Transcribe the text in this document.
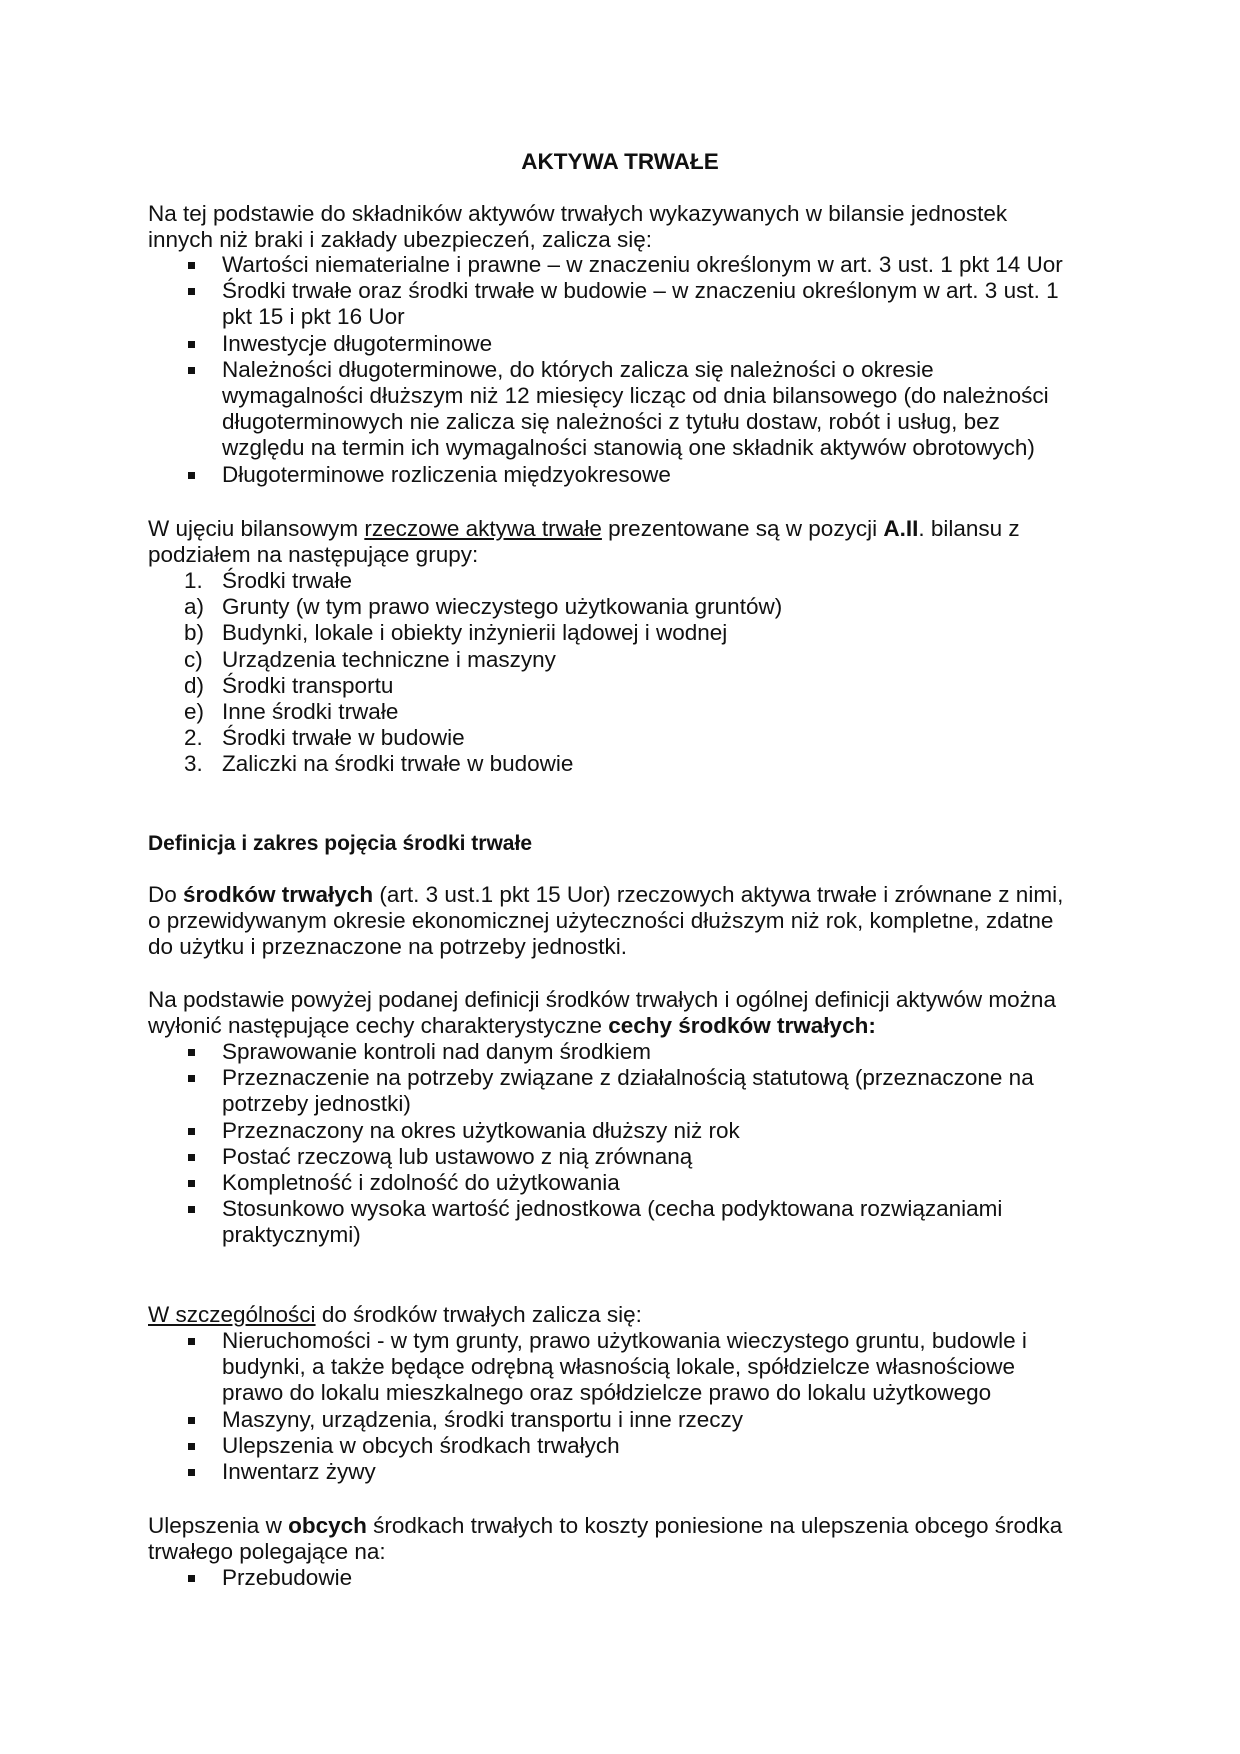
AKTYWA TRWAŁE

Na tej podstawie do składników aktywów trwałych wykazywanych w bilansie jednostek

innych niż braki i zakłady ubezpieczeń, zalicza się:

Wartości niematerialne i prawne – w znaczeniu określonym w art. 3 ust. 1 pkt 14 Uor
Środki trwałe oraz środki trwałe w budowie – w znaczeniu określonym w art. 3 ust. 1
pkt 15 i pkt 16 Uor
Inwestycje długoterminowe
Należności długoterminowe, do których zalicza się należności o okresie
wymagalności dłuższym niż 12 miesięcy licząc od dnia bilansowego (do należności
długoterminowych nie zalicza się należności z tytułu dostaw, robót i usług, bez
względu na termin ich wymagalności stanowią one składnik aktywów obrotowych)
Długoterminowe rozliczenia międzyokresowe

W ujęciu bilansowym rzeczowe aktywa trwałe prezentowane są w pozycji A.II. bilansu z

podziałem na następujące grupy:

1. Środki trwałe
a) Grunty (w tym prawo wieczystego użytkowania gruntów)
b) Budynki, lokale i obiekty inżynierii lądowej i wodnej
c) Urządzenia techniczne i maszyny
d) Środki transportu
e) Inne środki trwałe
2. Środki trwałe w budowie
3. Zaliczki na środki trwałe w budowie

Definicja i zakres pojęcia środki trwałe

Do środków trwałych (art. 3 ust.1 pkt 15 Uor) rzeczowych aktywa trwałe i zrównane z nimi,

o przewidywanym okresie ekonomicznej użyteczności dłuższym niż rok, kompletne, zdatne

do użytku i przeznaczone na potrzeby jednostki.

Na podstawie powyżej podanej definicji środków trwałych i ogólnej definicji aktywów można

wyłonić następujące cechy charakterystyczne cechy środków trwałych:

Sprawowanie kontroli nad danym środkiem
Przeznaczenie na potrzeby związane z działalnością statutową (przeznaczone na
potrzeby jednostki)
Przeznaczony na okres użytkowania dłuższy niż rok
Postać rzeczową lub ustawowo z nią zrównaną
Kompletność i zdolność do użytkowania
Stosunkowo wysoka wartość jednostkowa (cecha podyktowana rozwiązaniami
praktycznymi)

W szczególności do środków trwałych zalicza się:

Nieruchomości - w tym grunty, prawo użytkowania wieczystego gruntu, budowle i
budynki, a także będące odrębną własnością lokale, spółdzielcze własnościowe
prawo do lokalu mieszkalnego oraz spółdzielcze prawo do lokalu użytkowego
Maszyny, urządzenia, środki transportu i inne rzeczy
Ulepszenia w obcych środkach trwałych
Inwentarz żywy

Ulepszenia w obcych środkach trwałych to koszty poniesione na ulepszenia obcego środka

trwałego polegające na:

Przebudowie
